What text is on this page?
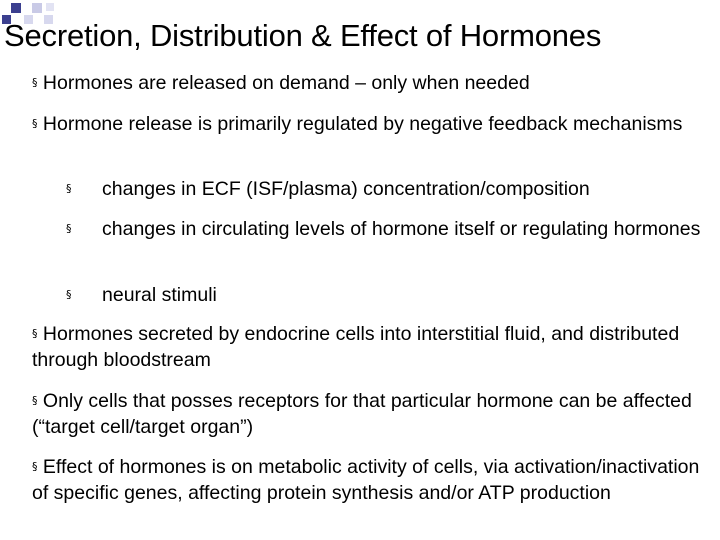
Secretion, Distribution & Effect of Hormones
§ Hormones are released on demand – only when needed
§ Hormone release is primarily regulated by negative feedback mechanisms
§ changes in ECF (ISF/plasma) concentration/composition
§ changes in circulating levels of hormone itself or regulating hormones
§ neural stimuli
§ Hormones secreted by endocrine cells into interstitial fluid, and distributed through bloodstream
§ Only cells that posses receptors for that particular hormone can be affected (“target cell/target organ”)
§ Effect of hormones is on metabolic activity of cells, via activation/inactivation of specific genes, affecting protein synthesis and/or ATP production
